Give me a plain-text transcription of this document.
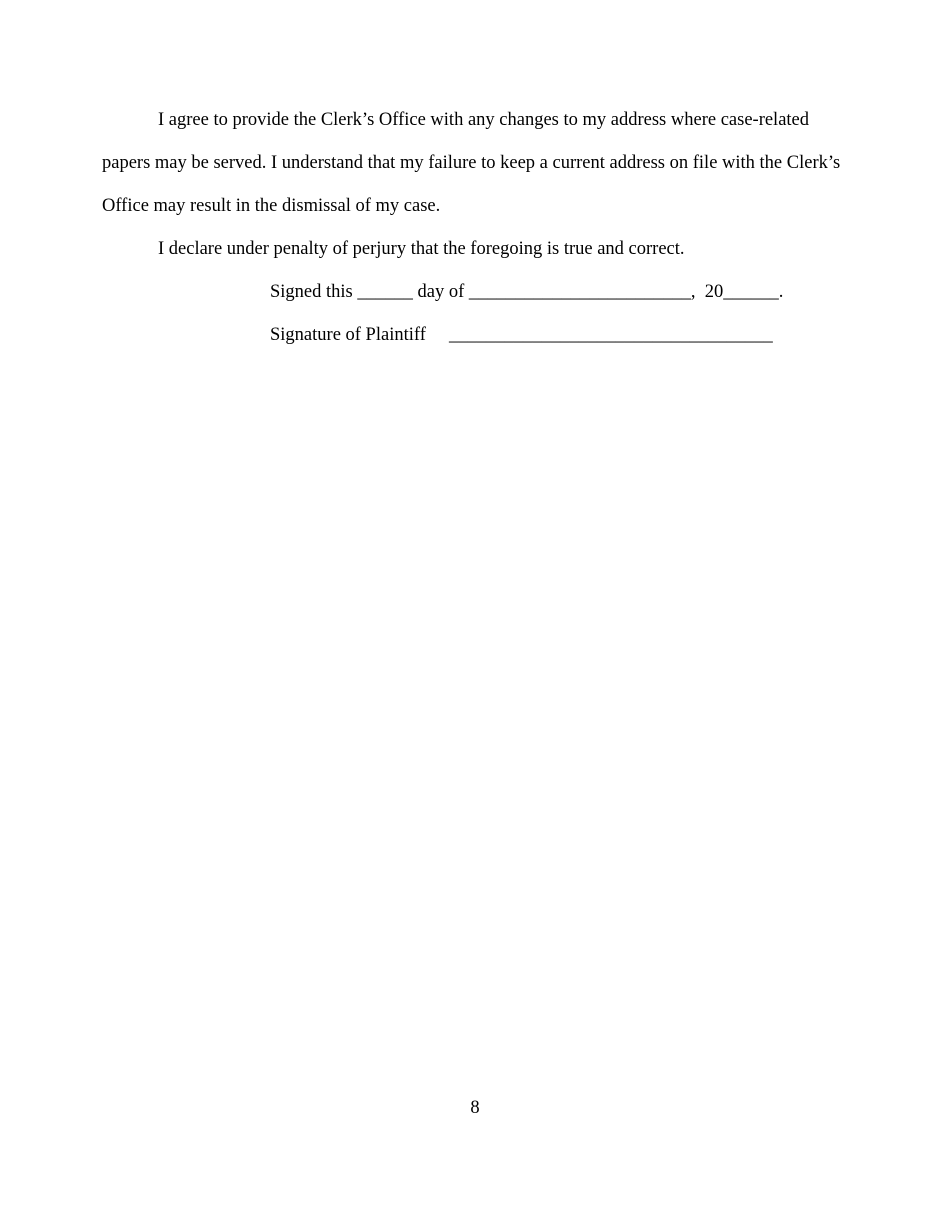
I agree to provide the Clerk’s Office with any changes to my address where case-related
papers may be served. I understand that my failure to keep a current address on file with the Clerk’s
Office may result in the dismissal of my case.
I declare under penalty of perjury that the foregoing is true and correct.
Signed this ______ day of ________________________,  20______.
Signature of Plaintiff     ___________________________________
8
